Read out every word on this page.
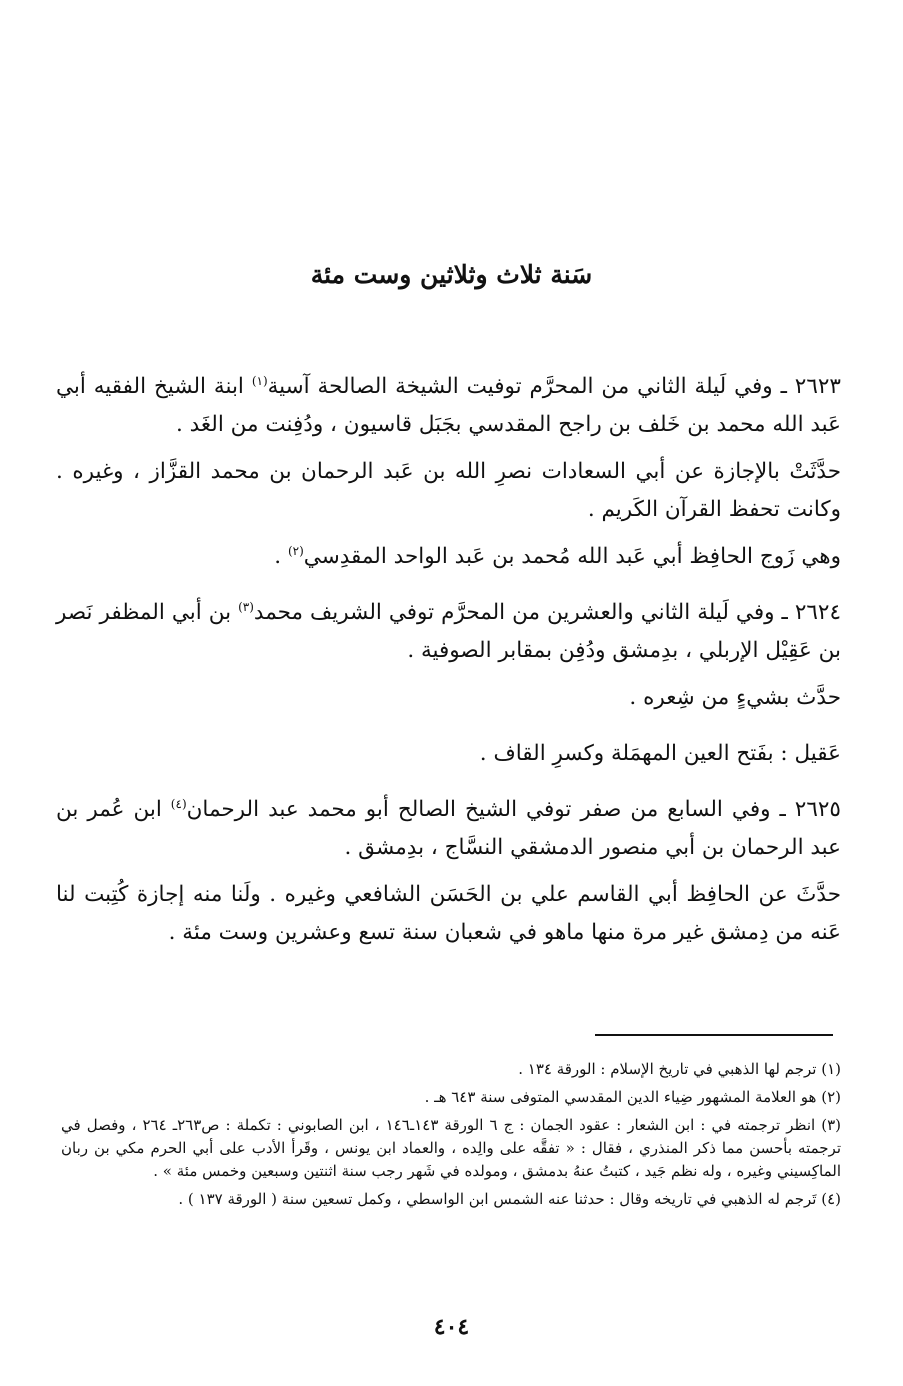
سَنة ثلاث وثلاثين وست مئة

٢٦٢٣ ـ وفي لَيلة الثاني من المحرَّم توفيت الشيخة الصالحة آسية$^{(١)}$ ابنة الشيخ الفقيه أبي عَبد الله محمد بن خَلف بن راجح المقدسي بجَبَل قاسيون ، ودُفِنت من الغَد .

حدَّثَتْ بالإجازة عن أبي السعادات نصرِ الله بن عَبد الرحمان بن محمد القزَّاز ، وغيره . وكانت تحفظ القرآن الكَريم .

وهي زَوج الحافِظ أبي عَبد الله مُحمد بن عَبد الواحد المقدِسي$^{(٢)}$ .

٢٦٢٤ ـ وفي لَيلة الثاني والعشرين من المحرَّم توفي الشريف محمد$^{(٣)}$ بن أبي المظفر نَصر بن عَقِيْل الإربلي ، بدِمشق ودُفِن بمقابر الصوفية .

حدَّث بشيءٍ من شِعره .

عَقيل : بفَتح العين المهمَلة وكسرِ القاف .

٢٦٢٥ ـ وفي السابع من صفر توفي الشيخ الصالح أبو محمد عبد الرحمان$^{(٤)}$ ابن عُمر بن عبد الرحمان بن أبي منصور الدمشقي النسَّاج ، بدِمشق .

حدَّثَ عن الحافِظ أبي القاسم علي بن الحَسَن الشافعي وغيره . ولَنا منه إجازة كُتِبت لنا عَنه من دِمشق غير مرة منها ماهو في شعبان سنة تسع وعشرين وست مئة .

(١) ترجم لها الذهبي في تاريخ الإسلام : الورقة ١٣٤ .

(٢) هو العلامة المشهور ضِياء الدين المقدسي المتوفى سنة ٦٤٣ هـ .

(٣) انظر ترجمته في : ابن الشعار : عقود الجمان : ج ٦ الورقة ١٤٣ـ١٤٦ ، ابن الصابوني : تكملة : ص٢٦٣ـ ٢٦٤ ، وفصل في ترجمته بأحسن مما ذكر المنذري ، فقال : « تفقَّه على والِده ، والعماد ابن يونس ، وقَرأ الأدب على أبي الحرم مكي بن ربان الماكِسيني وغيره ، وله نظم جَيد ، كتبتُ عنهُ بدمشق ، ومولده في شَهر رجب سنة اثنتين وسبعين وخمس مئة » .

(٤) تَرجم له الذهبي في تاريخه وقال : حدثنا عنه الشمس ابن الواسطي ، وكمل تسعين سنة ( الورقة ١٣٧ ) .

٤٠٤
